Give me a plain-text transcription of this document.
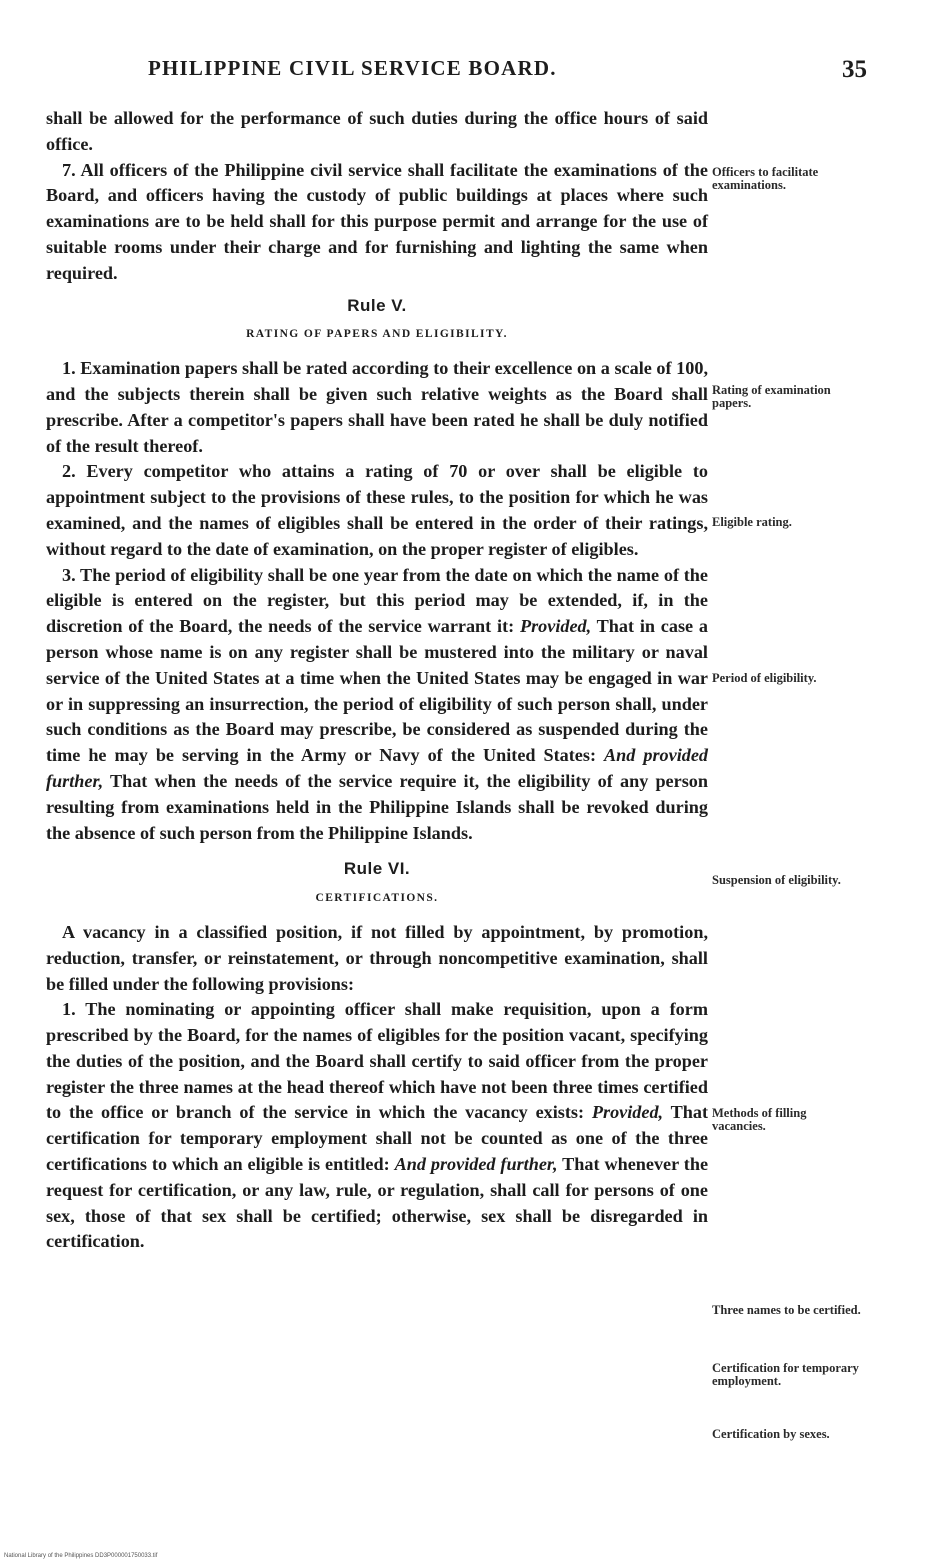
PHILIPPINE CIVIL SERVICE BOARD.	35

shall be allowed for the performance of such duties during the office hours of said office.

7. All officers of the Philippine civil service shall facilitate the examinations of the Board, and officers having the custody of public buildings at places where such examinations are to be held shall for this purpose permit and arrange for the use of suitable rooms under their charge and for furnishing and lighting the same when required.

Rule V.
RATING OF PAPERS AND ELIGIBILITY.

1. Examination papers shall be rated according to their excellence on a scale of 100, and the subjects therein shall be given such relative weights as the Board shall prescribe. After a competitor's papers shall have been rated he shall be duly notified of the result thereof.

2. Every competitor who attains a rating of 70 or over shall be eligible to appointment subject to the provisions of these rules, to the position for which he was examined, and the names of eligibles shall be entered in the order of their ratings, without regard to the date of examination, on the proper register of eligibles.

3. The period of eligibility shall be one year from the date on which the name of the eligible is entered on the register, but this period may be extended, if, in the discretion of the Board, the needs of the service warrant it: Provided, That in case a person whose name is on any register shall be mustered into the military or naval service of the United States at a time when the United States may be engaged in war or in suppressing an insurrection, the period of eligibility of such person shall, under such conditions as the Board may prescribe, be considered as suspended during the time he may be serving in the Army or Navy of the United States: And provided further, That when the needs of the service require it, the eligibility of any person resulting from examinations held in the Philippine Islands shall be revoked during the absence of such person from the Philippine Islands.

Rule VI.
CERTIFICATIONS.

A vacancy in a classified position, if not filled by appointment, by promotion, reduction, transfer, or reinstatement, or through noncompetitive examination, shall be filled under the following provisions:

1. The nominating or appointing officer shall make requisition, upon a form prescribed by the Board, for the names of eligibles for the position vacant, specifying the duties of the position, and the Board shall certify to said officer from the proper register the three names at the head thereof which have not been three times certified to the office or branch of the service in which the vacancy exists: Provided, That certification for temporary employment shall not be counted as one of the three certifications to which an eligible is entitled: And provided further, That whenever the request for certification, or any law, rule, or regulation, shall call for persons of one sex, those of that sex shall be certified; otherwise, sex shall be disregarded in certification.

Officers to facilitate examinations.
Rating of examination papers.
Eligible rating.
Period of eligibility.
Suspension of eligibility.
Methods of filling vacancies.
Three names to be certified.
Certification for temporary employment.
Certification by sexes.
National Library of the Philippines DD3P000001750033.tif
